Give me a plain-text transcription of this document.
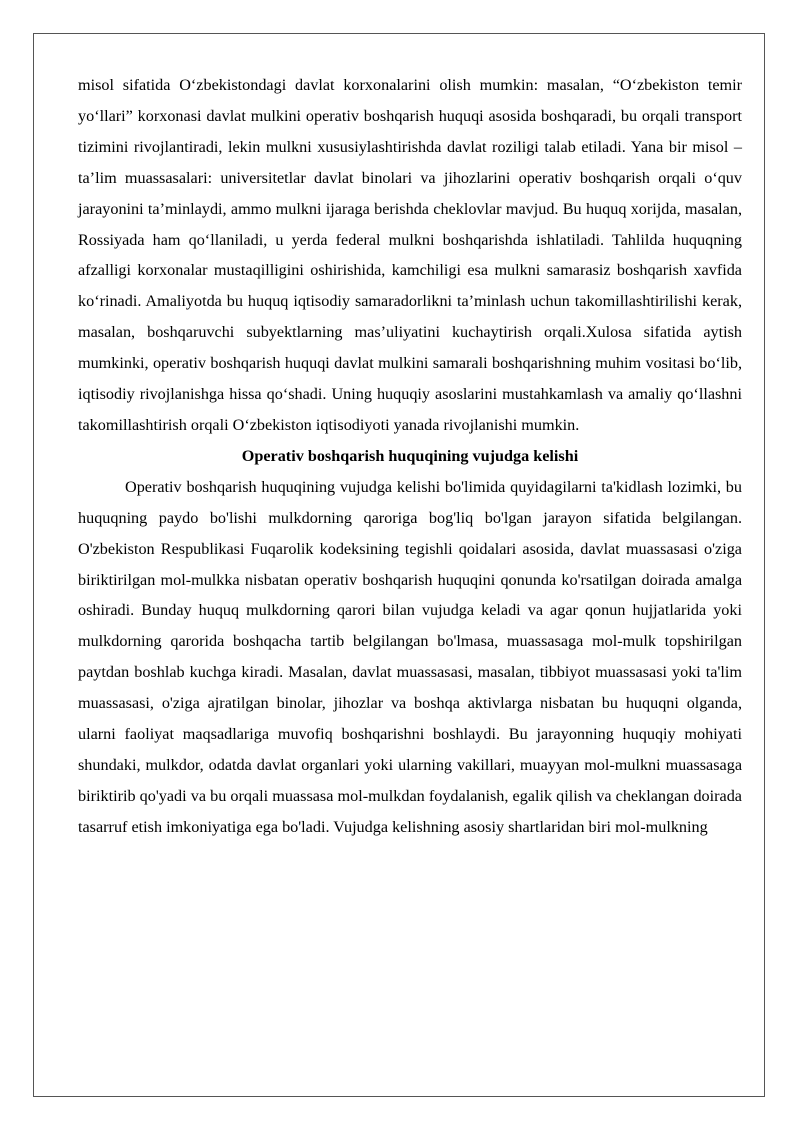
misol sifatida O‘zbekistondagi davlat korxonalarini olish mumkin: masalan, “O‘zbekiston temir yo‘llari” korxonasi davlat mulkini operativ boshqarish huquqi asosida boshqaradi, bu orqali transport tizimini rivojlantiradi, lekin mulkni xususiylashtirishda davlat roziligi talab etiladi. Yana bir misol – ta’lim muassasalari: universitetlar davlat binolari va jihozlarini operativ boshqarish orqali o‘quv jarayonini ta’minlaydi, ammo mulkni ijaraga berishda cheklovlar mavjud. Bu huquq xorijda, masalan, Rossiyada ham qo‘llaniladi, u yerda federal mulkni boshqarishda ishlatiladi. Tahlilda huquqning afzalligi korxonalar mustaqilligini oshirishida, kamchiligi esa mulkni samarasiz boshqarish xavfida ko‘rinadi. Amaliyotda bu huquq iqtisodiy samaradorlikni ta’minlash uchun takomillashtirilishi kerak, masalan, boshqaruvchi subyektlarning mas’uliyatini kuchaytirish orqali.Xulosa sifatida aytish mumkinki, operativ boshqarish huquqi davlat mulkini samarali boshqarishning muhim vositasi bo‘lib, iqtisodiy rivojlanishga hissa qo‘shadi. Uning huquqiy asoslarini mustahkamlash va amaliy qo‘llashni takomillashtirish orqali O‘zbekiston iqtisodiyoti yanada rivojlanishi mumkin.

Operativ boshqarish huquqining vujudga kelishi

Operativ boshqarish huquqining vujudga kelishi bo'limida quyidagilarni ta'kidlash lozimki, bu huquqning paydo bo'lishi mulkdorning qaroriga bog'liq bo'lgan jarayon sifatida belgilangan. O'zbekiston Respublikasi Fuqarolik kodeksining tegishli qoidalari asosida, davlat muassasasi o'ziga biriktirilgan mol-mulkka nisbatan operativ boshqarish huquqini qonunda ko'rsatilgan doirada amalga oshiradi. Bunday huquq mulkdorning qarori bilan vujudga keladi va agar qonun hujjatlarida yoki mulkdorning qarorida boshqacha tartib belgilangan bo'lmasa, muassasaga mol-mulk topshirilgan paytdan boshlab kuchga kiradi. Masalan, davlat muassasasi, masalan, tibbiyot muassasasi yoki ta'lim muassasasi, o'ziga ajratilgan binolar, jihozlar va boshqa aktivlarga nisbatan bu huquqni olganda, ularni faoliyat maqsadlariga muvofiq boshqarishni boshlaydi. Bu jarayonning huquqiy mohiyati shundaki, mulkdor, odatda davlat organlari yoki ularning vakillari, muayyan mol-mulkni muassasaga biriktirib qo'yadi va bu orqali muassasa mol-mulkdan foydalanish, egalik qilish va cheklangan doirada tasarruf etish imkoniyatiga ega bo'ladi. Vujudga kelishning asosiy shartlaridan biri mol-mulkning
